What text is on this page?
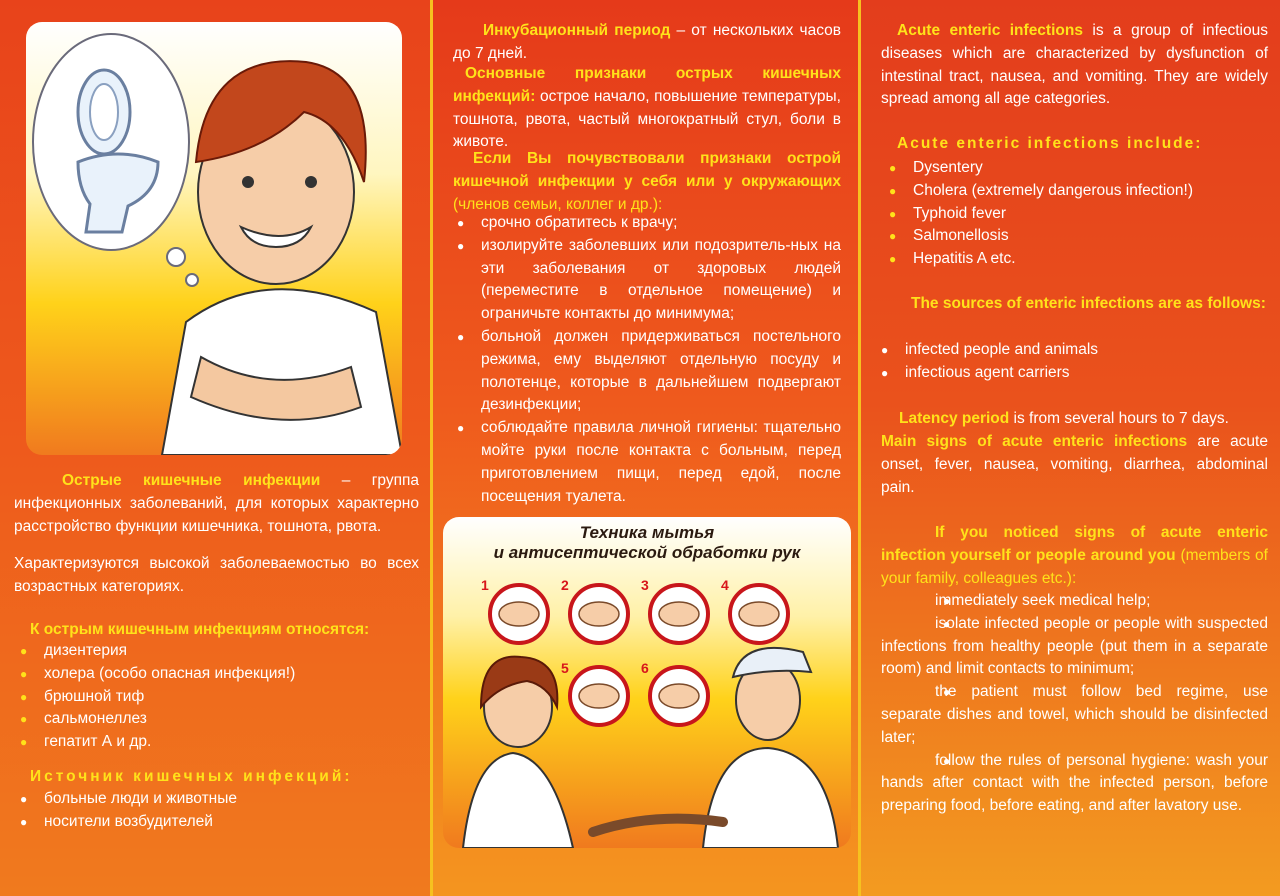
Острые кишечные инфекции – группа инфекционных заболеваний, для которых характерно расстройство функции кишечника, тошнота, рвота.
Характеризуются высокой заболеваемостью во всех возрастных категориях.
К острым кишечным инфекциям относятся:
● дизентерия
● холера (особо опасная инфекция!)
● брюшной тиф
● сальмонеллез
● гепатит А и др.
Источник кишечных инфекций:
● больные люди и животные
● носители возбудителей
Инкубационный период – от нескольких часов до 7 дней.
Основные признаки острых кишечных инфекций: острое начало, повышение температуры, тошнота, рвота, частый многократный стул, боли в животе.
Если Вы почувствовали признаки острой кишечной инфекции у себя или у окружающих (членов семьи, коллег и др.):
● срочно обратитесь к врачу;
● изолируйте заболевших или подозритель-ных на эти заболевания от здоровых людей (переместите в отдельное помещение) и ограничьте контакты до минимума;
● больной должен придерживаться постельного режима, ему выделяют отдельную посуду и полотенце, которые в дальнейшем подвергают дезинфекции;
● соблюдайте правила личной гигиены: тщательно мойте руки после контакта с больным, перед приготовлением пищи, перед едой, после посещения туалета.
Техника мытья
и антисептической обработки рук
1	2	3	4
5	6
Acute enteric infections is a group of infectious diseases which are characterized by dysfunction of intestinal tract, nausea, and vomiting. They are widely spread among all age categories.
Acute enteric infections include:
● Dysentery
● Cholera (extremely dangerous infection!)
● Typhoid fever
● Salmonellosis
● Hepatitis A etc.
The sources of enteric infections are as follows:
● infected people and animals
● infectious agent carriers
Latency period is from several hours to 7 days.
Main signs of acute enteric infections are acute onset, fever, nausea, vomiting, diarrhea, abdominal pain.
If you noticed signs of acute enteric infection yourself or people around you (members of your family, colleagues etc.):
● immediately seek medical help;
● isolate infected people or people with suspected infections from healthy people (put them in a separate room) and limit contacts to minimum;
● the patient must follow bed regime, use separate dishes and towel, which should be disinfected later;
● follow the rules of personal hygiene: wash your hands after contact with the infected person, before preparing food, before eating, and after lavatory use.
